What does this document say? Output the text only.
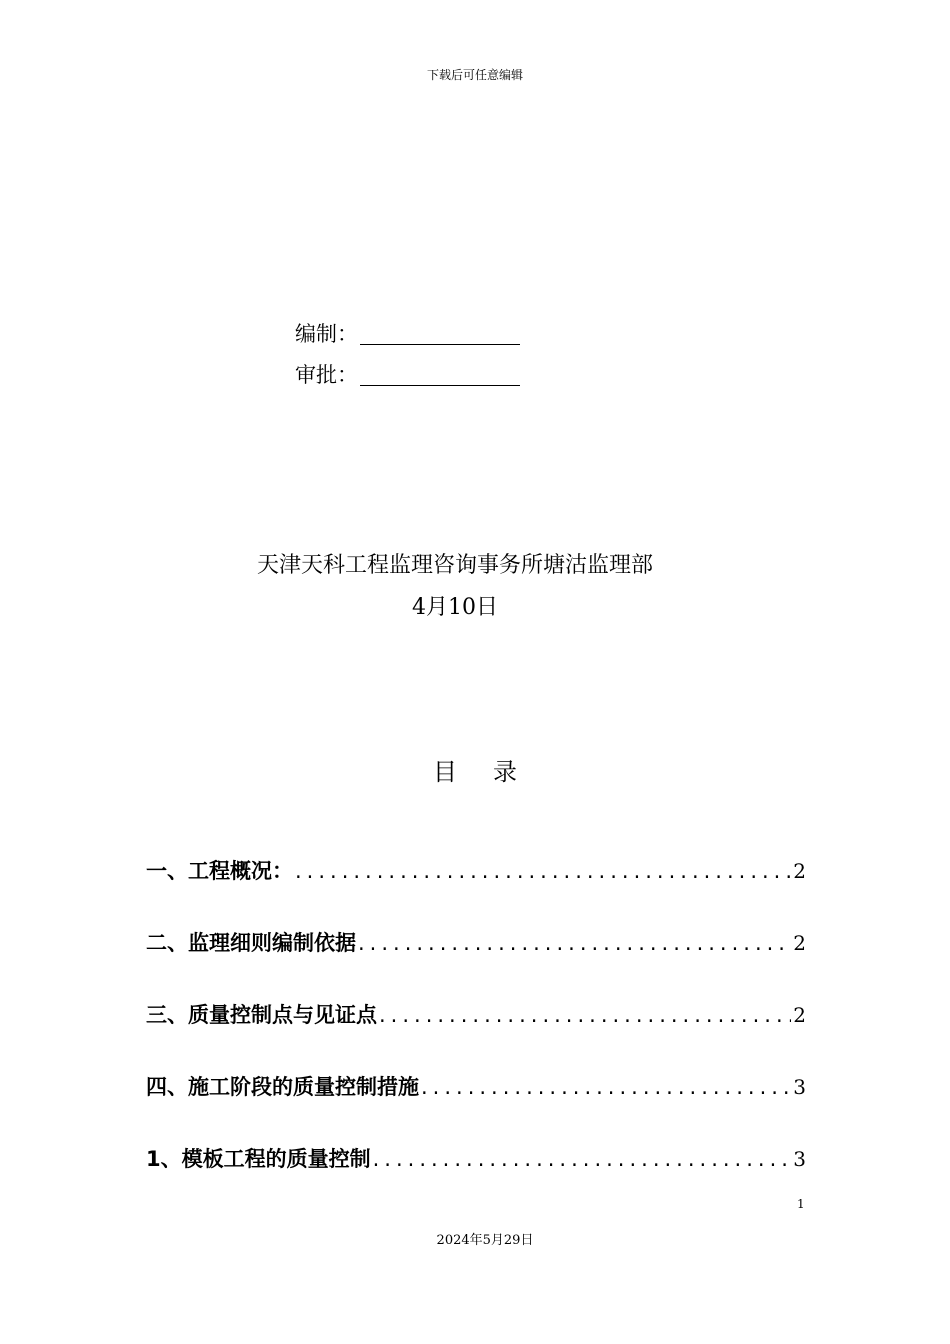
下载后可任意编辑
编制：
审批：
天津天科工程监理咨询事务所塘沽监理部
4月10日
目录
一、工程概况： .....	2
二、监理细则编制依据 .....	2
三、质量控制点与见证点 .....	2
四、施工阶段的质量控制措施 .....	3
1、模板工程的质量控制 .....	3
1
2024年5月29日
